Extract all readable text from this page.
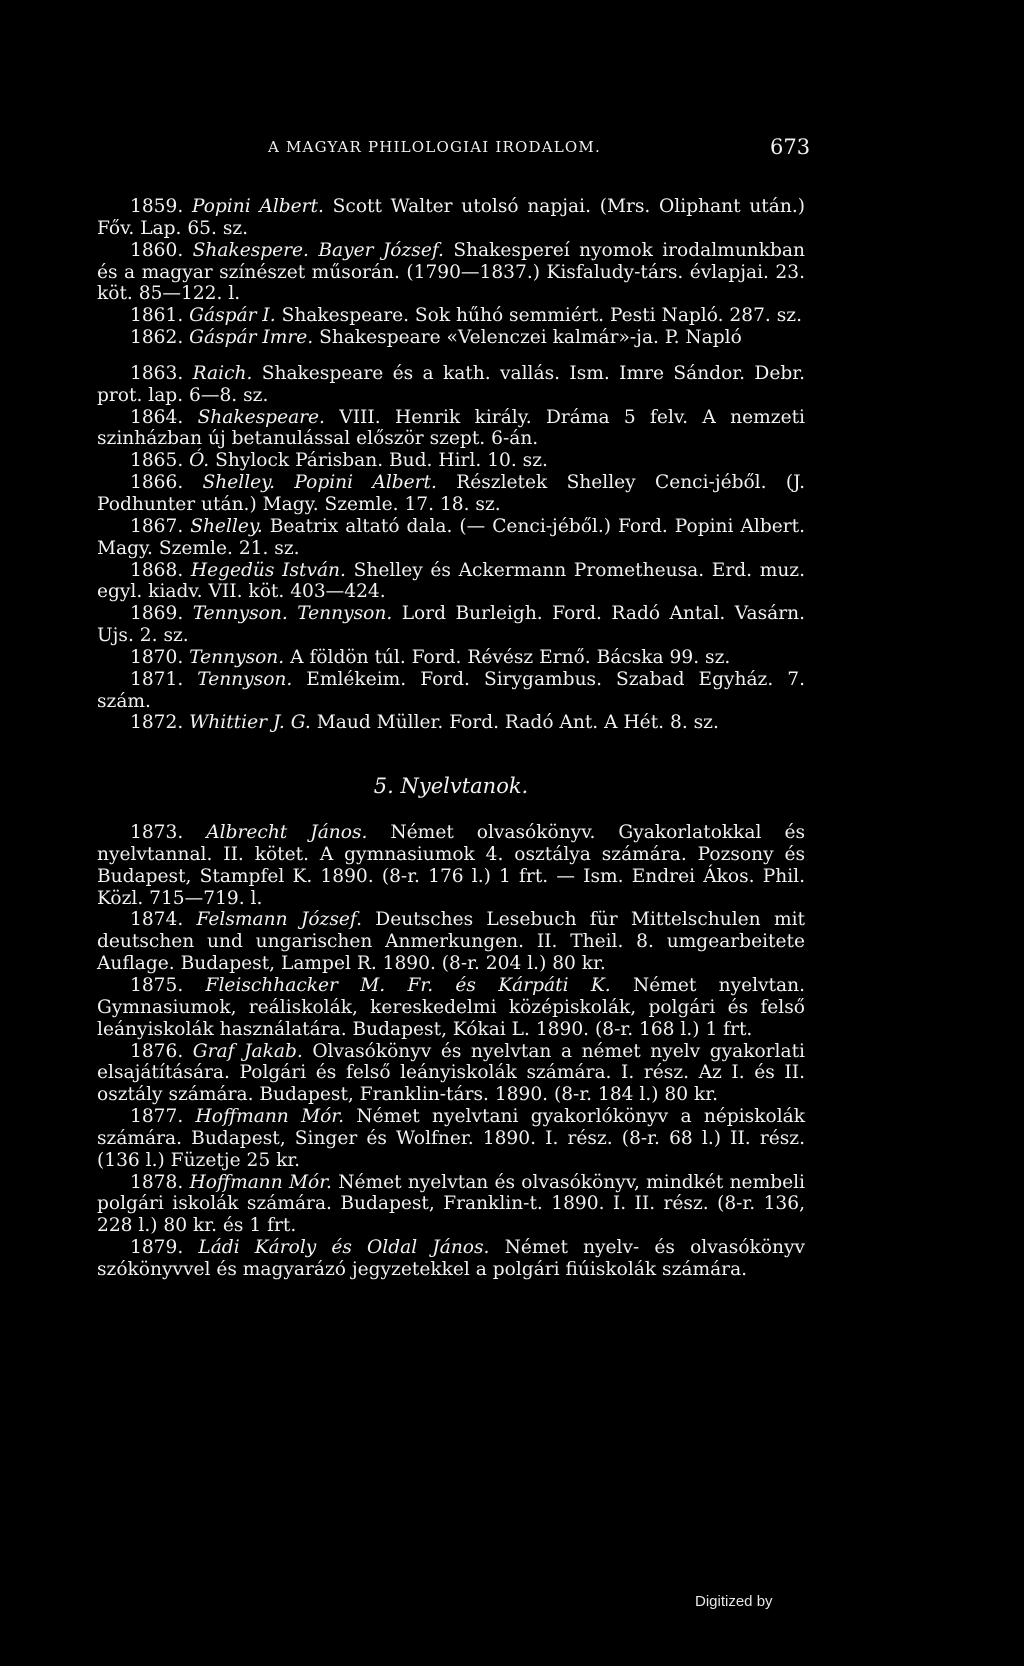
A MAGYAR PHILOLOGIAI IRODALOM.	673

1859. Popini Albert. Scott Walter utolsó napjai. (Mrs. Oliphant után.) Főv. Lap. 65. sz.

1860. Shakespere. Bayer József. Shakespereí nyomok irodalmunkban és a magyar színészet műsorán. (1790—1837.) Kisfaludy-társ. évlapjai. 23. köt. 85—122. l.

1861. Gáspár I. Shakespeare. Sok hűhó semmiért. Pesti Napló. 287. sz.

1862. Gáspár Imre. Shakespeare «Velenczei kalmár»-ja. P. Napló

1863. Raich. Shakespeare és a kath. vallás. Ism. Imre Sándor. Debr. prot. lap. 6—8. sz.

1864. Shakespeare. VIII. Henrik király. Dráma 5 felv. A nemzeti szinházban új betanulással először szept. 6-án.

1865. Ó. Shylock Párisban. Bud. Hirl. 10. sz.

1866. Shelley. Popini Albert. Részletek Shelley Cenci-jéből. (J. Podhunter után.) Magy. Szemle. 17. 18. sz.

1867. Shelley. Beatrix altató dala. (— Cenci-jéből.) Ford. Popini Albert. Magy. Szemle. 21. sz.

1868. Hegedüs István. Shelley és Ackermann Prometheusa. Erd. muz. egyl. kiadv. VII. köt. 403—424.

1869. Tennyson. Tennyson. Lord Burleigh. Ford. Radó Antal. Vasárn. Ujs. 2. sz.

1870. Tennyson. A földön túl. Ford. Révész Ernő. Bácska 99. sz.

1871. Tennyson. Emlékeim. Ford. Sirygambus. Szabad Egyház. 7. szám.

1872. Whittier J. G. Maud Müller. Ford. Radó Ant. A Hét. 8. sz.

5. Nyelvtanok.

1873. Albrecht János. Német olvasókönyv. Gyakorlatokkal és nyelvtannal. II. kötet. A gymnasiumok 4. osztálya számára. Pozsony és Budapest, Stampfel K. 1890. (8-r. 176 l.) 1 frt. — Ism. Endrei Ákos. Phil. Közl. 715—719. l.

1874. Felsmann József. Deutsches Lesebuch für Mittelschulen mit deutschen und ungarischen Anmerkungen. II. Theil. 8. umgearbeitete Auflage. Budapest, Lampel R. 1890. (8-r. 204 l.) 80 kr.

1875. Fleischhacker M. Fr. és Kárpáti K. Német nyelvtan. Gymnasiumok, reáliskolák, kereskedelmi középiskolák, polgári és felső leányiskolák használatára. Budapest, Kókai L. 1890. (8-r. 168 l.) 1 frt.

1876. Graf Jakab. Olvasókönyv és nyelvtan a német nyelv gyakorlati elsajátítására. Polgári és felső leányiskolák számára. I. rész. Az I. és II. osztály számára. Budapest, Franklin-társ. 1890. (8-r. 184 l.) 80 kr.

1877. Hoffmann Mór. Német nyelvtani gyakorlókönyv a népiskolák számára. Budapest, Singer és Wolfner. 1890. I. rész. (8-r. 68 l.) II. rész. (136 l.) Füzetje 25 kr.

1878. Hoffmann Mór. Német nyelvtan és olvasókönyv, mindkét nembeli polgári iskolák számára. Budapest, Franklin-t. 1890. I. II. rész. (8-r. 136, 228 l.) 80 kr. és 1 frt.

1879. Ládi Károly és Oldal János. Német nyelv- és olvasókönyv szókönyvvel és magyarázó jegyzetekkel a polgári fiúiskolák számára.

Digitized by
